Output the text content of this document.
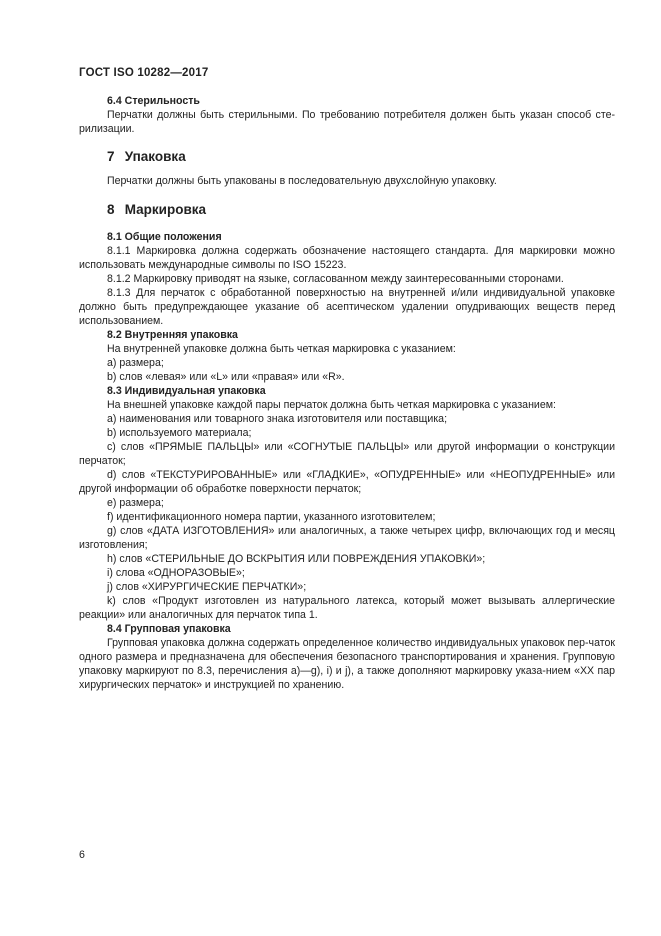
ГОСТ ISO 10282—2017

6.4 Стерильность

Перчатки должны быть стерильными. По требованию потребителя должен быть указан способ сте-рилизации.

7 Упаковка

Перчатки должны быть упакованы в последовательную двухслойную упаковку.

8 Маркировка

8.1 Общие положения

8.1.1 Маркировка должна содержать обозначение настоящего стандарта. Для маркировки можно использовать международные символы по ISO 15223.

8.1.2 Маркировку приводят на языке, согласованном между заинтересованными сторонами.

8.1.3 Для перчаток с обработанной поверхностью на внутренней и/или индивидуальной упаковке должно быть предупреждающее указание об асептическом удалении опудривающих веществ перед использованием.

8.2 Внутренняя упаковка

На внутренней упаковке должна быть четкая маркировка с указанием:

a) размера;

b) слов «левая» или «L» или «правая» или «R».

8.3 Индивидуальная упаковка

На внешней упаковке каждой пары перчаток должна быть четкая маркировка с указанием:

a) наименования или товарного знака изготовителя или поставщика;

b) используемого материала;

c) слов «ПРЯМЫЕ ПАЛЬЦЫ» или «СОГНУТЫЕ ПАЛЬЦЫ» или другой информации о конструкции перчаток;

d) слов «ТЕКСТУРИРОВАННЫЕ» или «ГЛАДКИЕ», «ОПУДРЕННЫЕ» или «НЕОПУДРЕННЫЕ» или другой информации об обработке поверхности перчаток;

e) размера;

f) идентификационного номера партии, указанного изготовителем;

g) слов «ДАТА ИЗГОТОВЛЕНИЯ» или аналогичных, а также четырех цифр, включающих год и месяц изготовления;

h) слов «СТЕРИЛЬНЫЕ ДО ВСКРЫТИЯ ИЛИ ПОВРЕЖДЕНИЯ УПАКОВКИ»;

i) слова «ОДНОРАЗОВЫЕ»;

j) слов «ХИРУРГИЧЕСКИЕ ПЕРЧАТКИ»;

k) слов «Продукт изготовлен из натурального латекса, который может вызывать аллергические реакции» или аналогичных для перчаток типа 1.

8.4 Групповая упаковка

Групповая упаковка должна содержать определенное количество индивидуальных упаковок пер-чаток одного размера и предназначена для обеспечения безопасного транспортирования и хранения. Групповую упаковку маркируют по 8.3, перечисления a)—g), i) и j), а также дополняют маркировку указа-нием «XX пар хирургических перчаток» и инструкцией по хранению.

6
